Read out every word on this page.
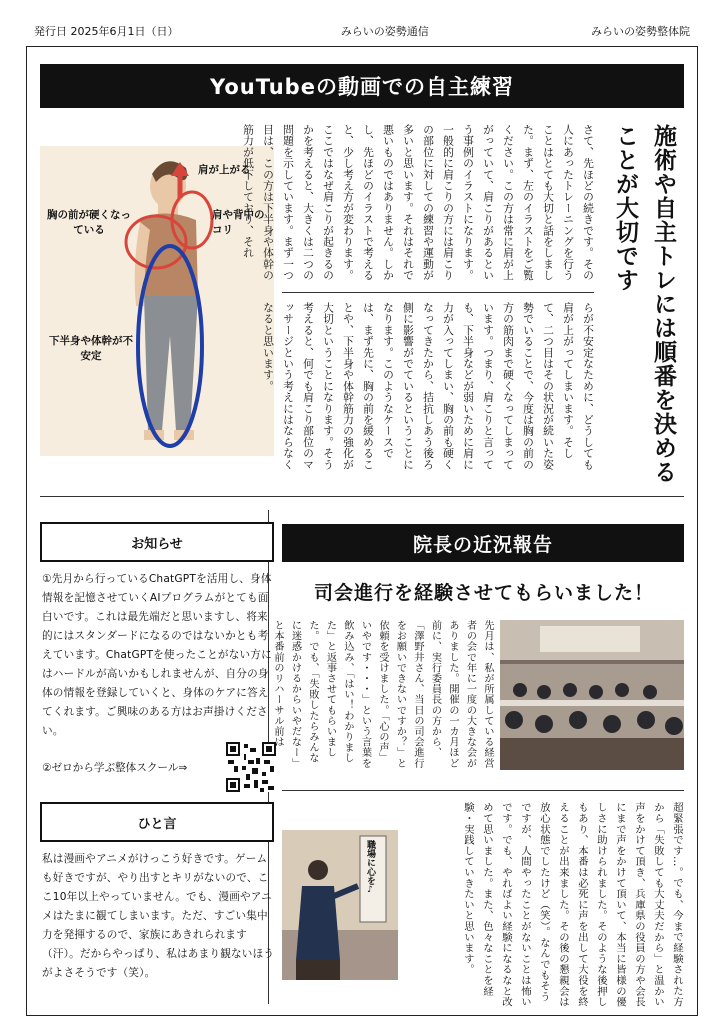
発行日 2025年6月1日（日）	みらいの姿勢通信	みらいの姿勢整体院
YouTubeの動画での自主練習
肩が上がる
肩や背中のコリ
胸の前が硬くなっている
下半身や体幹が不安定	施術や自主トレには順番を決めることが大切です
さて、先ほどの続きです。その人にあったトレーニングを行うことはとても大切と話をしました。まず、左のイラストをご覧ください。この方は常に肩が上がっていて、肩こりがあるという事例のイラストになります。一般的に肩こりの方には肩こりの部位に対しての練習や運動が多いと思います。それはそれで悪いものではありません。しかし、先ほどのイラストで考えると、少し考え方が変わります。ここではなぜ肩こりが起きるのかを考えると、大きくは二つの問題を示しています。まず一つ目は、この方は下半身や体幹の筋力が低下しており、それ
らが不安定なために、どうしても肩が上がってしまいます。そして、二つ目はその状況が続いた姿勢でいることで、今度は胸の前の方の筋肉まで硬くなってしまっています。つまり、肩こりと言っても、下半身などが弱いために肩に力が入ってしまい、胸の前も硬くなってきたから、拮抗しあう後ろ側に影響がでているということになります。このようなケースでは、まず先に、胸の前を緩めることや、下半身や体幹筋力の強化が大切ということになります。そう考えると、何でも肩こり部位のマッサージという考えにはならなくなると思います。
お知らせ
①先月から行っているChatGPTを活用し、身体情報を記憶させていくAIプログラムがとても面白いです。これは最先端だと思いますし、将来的にはスタンダードになるのではないかとも考えています。ChatGPTを使ったことがない方にはハードルが高いかもしれませんが、自分の身体の情報を登録していくと、身体のケアに答えてくれます。ご興味のある方はお声掛けください。
②ゼロから学ぶ整体スクール⇒
ひと言
私は漫画やアニメがけっこう好きです。ゲームも好きですが、やり出すとキリがないので、ここ10年以上やっていません。でも、漫画やアニメはたまに観てしまいます。ただ、すごい集中力を発揮するので、家族にあきれられます（汗）。だからやっぱり、私はあまり観ないほうがよさそうです（笑）。
院長の近況報告
司会進行を経験させてもらいました！
先月は、私が所属している経営者の会で年に一度の大きな会がありました。開催の一カ月ほど前に、実行委員長の方から、「澤野井さん、当日の司会進行をお願いできないですか？」と依頼を受けました。「心の声」いやです・・・」という言葉を飲み込み、「はい！わかりました」と返事させてもらいました。でも、「失敗したらみんなに迷惑かけるからいやだなー」と本番前のリハーサル前は
職場に心を♪	超緊張です…。でも、今まで経験された方から「失敗しても大丈夫だから」と温かい声をかけて頂き、兵庫県の役員の方や会長にまで声をかけて頂いて、本当に皆様の優しさに助けられました。そのような後押しもあり、本番は必死に声を出して大役を終えることが出来ました。その後の懇親会は放心状態でしたけど（笑）。なんでもそうですが、人間やったことがないことは怖いです。でも、やればよい経験になるなと改めて思いました。また、色々なことを経験・実践していきたいと思います。
